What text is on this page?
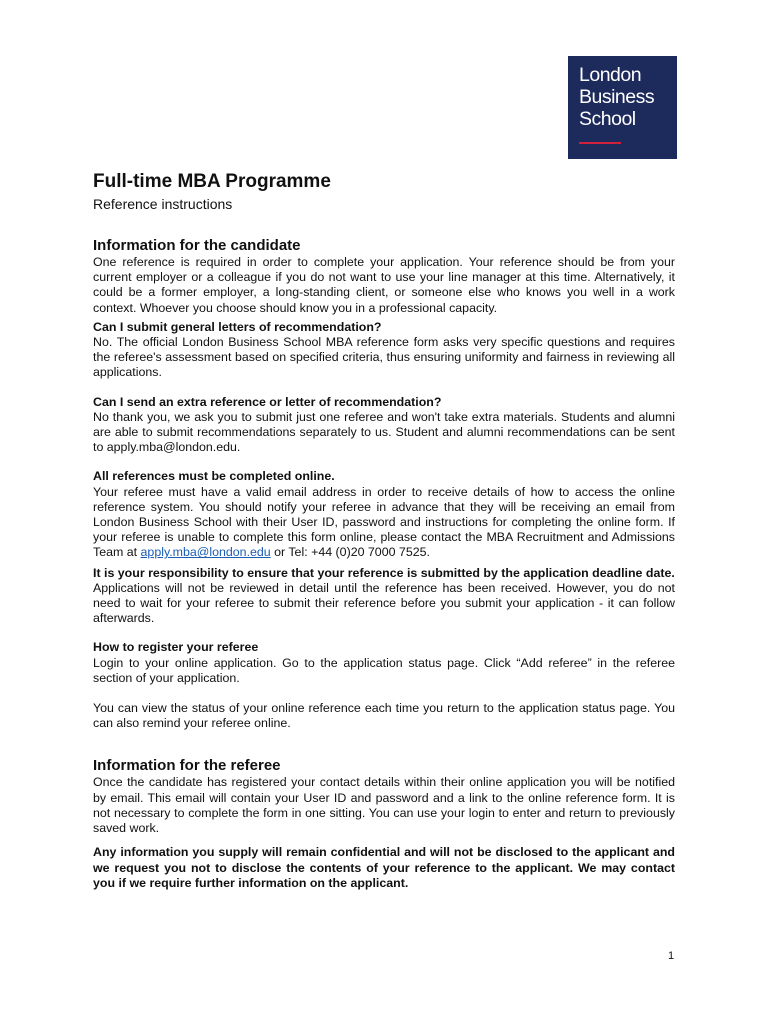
London
Business
School
Full-time MBA Programme

Reference instructions

Information for the candidate

One reference is required in order to complete your application. Your reference should be from your current employer or a colleague if you do not want to use your line manager at this time. Alternatively, it could be a former employer, a long-standing client, or someone else who knows you well in a work context. Whoever you choose should know you in a professional capacity.

Can I submit general letters of recommendation?

No. The official London Business School MBA reference form asks very specific questions and requires the referee's assessment based on specified criteria, thus ensuring uniformity and fairness in reviewing all applications.

Can I send an extra reference or letter of recommendation?

No thank you, we ask you to submit just one referee and won't take extra materials. Students and alumni are able to submit recommendations separately to us. Student and alumni recommendations can be sent to apply.mba@london.edu.

All references must be completed online.

Your referee must have a valid email address in order to receive details of how to access the online reference system. You should notify your referee in advance that they will be receiving an email from London Business School with their User ID, password and instructions for completing the online form. If your referee is unable to complete this form online, please contact the MBA Recruitment and Admissions Team at apply.mba@london.edu or Tel: +44 (0)20 7000 7525.

It is your responsibility to ensure that your reference is submitted by the application deadline date.

Applications will not be reviewed in detail until the reference has been received. However, you do not need to wait for your referee to submit their reference before you submit your application - it can follow afterwards.

How to register your referee

Login to your online application. Go to the application status page. Click “Add referee” in the referee section of your application.

You can view the status of your online reference each time you return to the application status page. You can also remind your referee online.

Information for the referee

Once the candidate has registered your contact details within their online application you will be notified by email. This email will contain your User ID and password and a link to the online reference form. It is not necessary to complete the form in one sitting. You can use your login to enter and return to previously saved work.

Any information you supply will remain confidential and will not be disclosed to the applicant and we request you not to disclose the contents of your reference to the applicant. We may contact you if we require further information on the applicant.

1
